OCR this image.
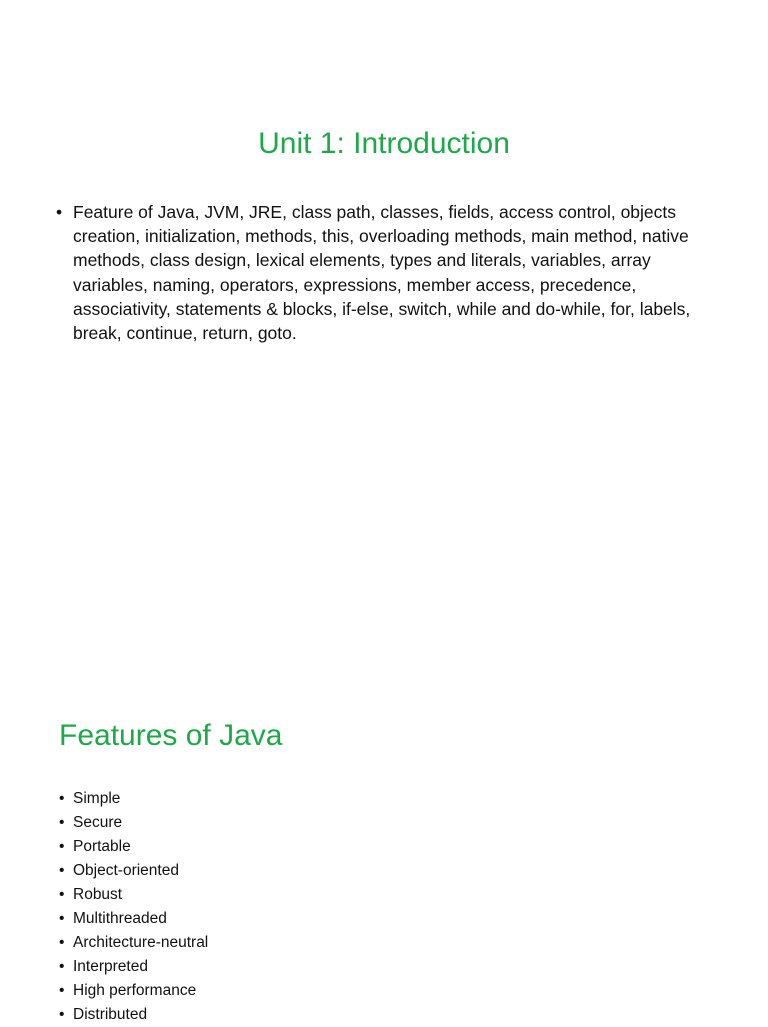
Unit 1: Introduction
• Feature of Java, JVM, JRE, class path, classes, fields, access control, objects creation, initialization, methods, this, overloading methods, main method, native methods, class design, lexical elements, types and literals, variables, array variables, naming, operators, expressions, member access, precedence, associativity, statements & blocks, if-else, switch, while and do-while, for, labels, break, continue, return, goto.
Features of Java
• Simple
• Secure
• Portable
• Object-oriented
• Robust
• Multithreaded
• Architecture-neutral
• Interpreted
• High performance
• Distributed
